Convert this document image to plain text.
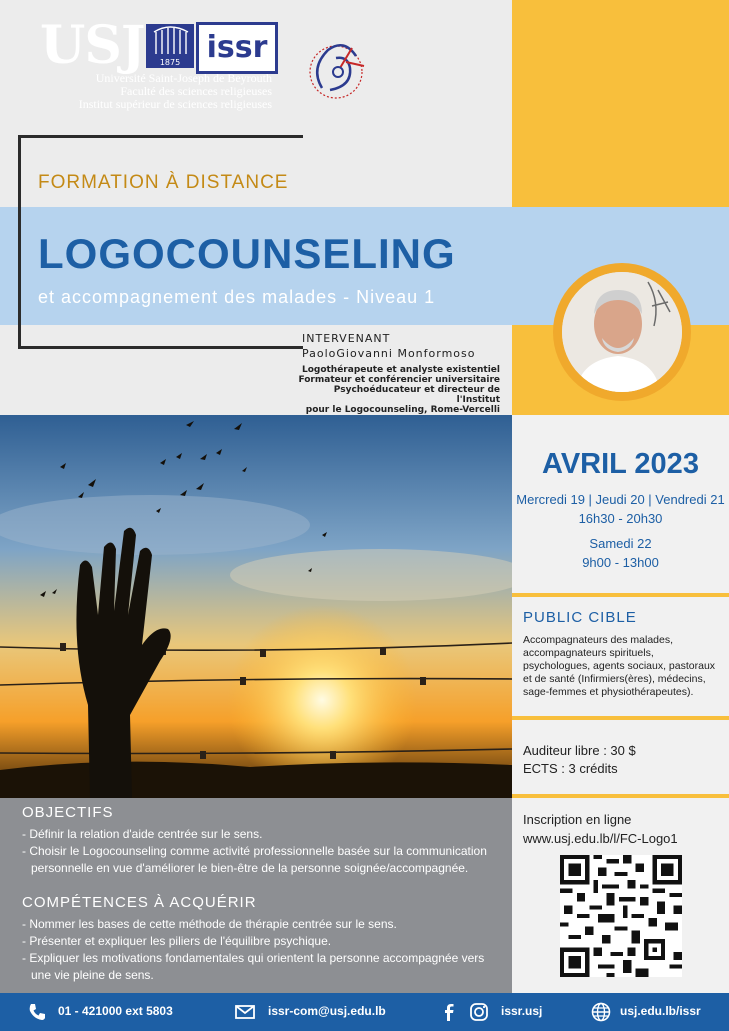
USJ	1875 issr
Université Saint-Joseph de Beyrouth
Faculté des sciences religieuses
Institut supérieur de sciences religieuses
FORMATION À DISTANCE
LOGOCOUNSELING
et accompagnement des malades - Niveau 1
INTERVENANT
PaoloGiovanni Monformoso
Logothérapeute et analyste existentiel
Formateur et conférencier universitaire
Psychoéducateur et directeur de l'Institut
pour le Logocounseling, Rome-Vercelli
AVRIL 2023
Mercredi 19 | Jeudi 20 | Vendredi 21
16h30 - 20h30
Samedi 22
9h00 - 13h00
PUBLIC CIBLE
Accompagnateurs des malades, accompagnateurs spirituels, psychologues, agents sociaux, pastoraux et de santé (Infirmiers(ères), médecins, sage-femmes et physiothérapeutes).
Auditeur libre : 30 $
ECTS : 3 crédits
Inscription en ligne
www.usj.edu.lb/l/FC-Logo1
OBJECTIFS
- Définir la relation d'aide centrée sur le sens.
- Choisir le Logocounseling comme activité professionnelle basée sur la communication personnelle en vue d'améliorer le bien-être de la personne soignée/accompagnée.
COMPÉTENCES À ACQUÉRIR
- Nommer les bases de cette méthode de thérapie centrée sur le sens.
- Présenter et expliquer les piliers de l'équilibre psychique.
- Expliquer les motivations fondamentales qui orientent la personne accompagnée vers une vie pleine de sens.
01 - 421000 ext 5803	issr-com@usj.edu.lb	issr.usj	usj.edu.lb/issr
